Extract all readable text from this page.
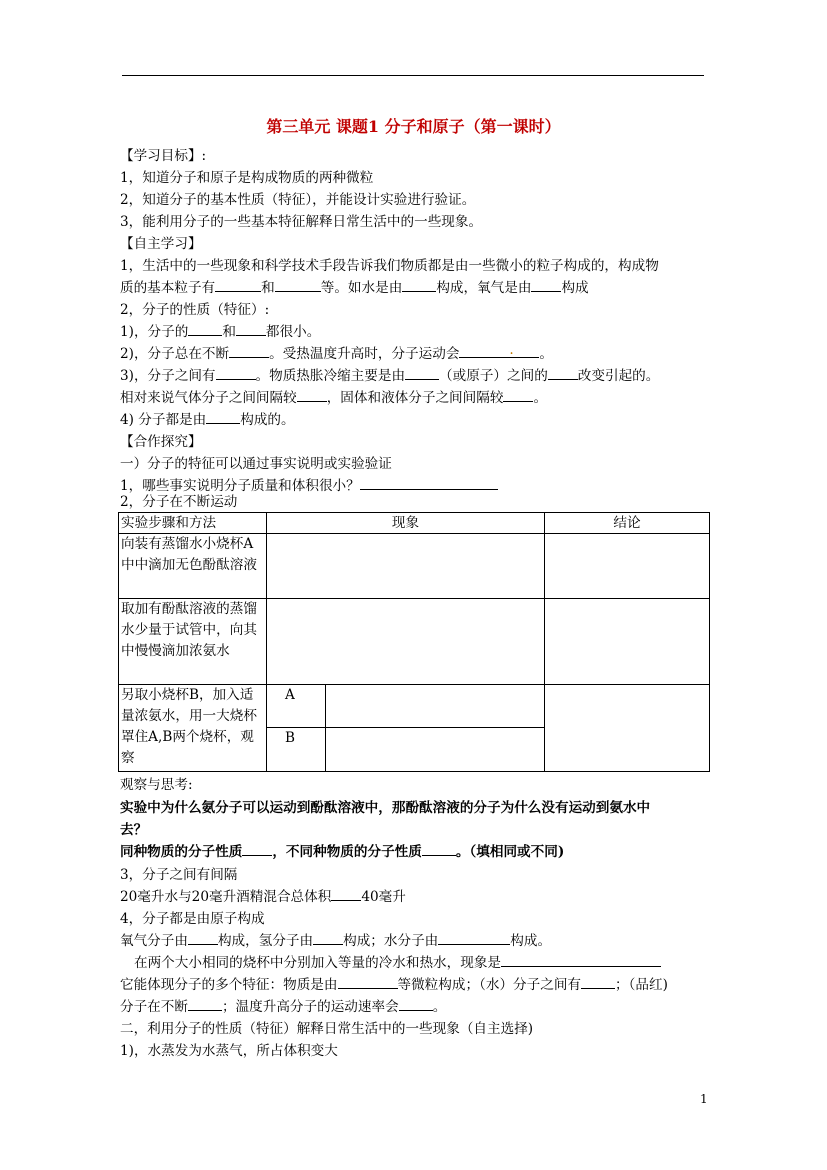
第三单元 课题1 分子和原子（第一课时）
【学习目标】:
1，知道分子和原子是构成物质的两种微粒
2，知道分子的基本性质（特征），并能设计实验进行验证。
3，能利用分子的一些基本特征解释日常生活中的一些现象。
【自主学习】
1，生活中的一些现象和科学技术手段告诉我们物质都是由一些微小的粒子构成的，构成物
质的基本粒子有	和	等。如水是由	构成，氧气是由 构成
2，分子的性质（特征）:
1)，分子的	和 都很小。
2)，分子总在不断	。受热温度升高时，分子运动会	. 。
3)，分子之间有	。物质热胀冷缩主要是由	（或原子）之间的 改变引起的。
相对来说气体分子之间间隔较 ，固体和液体分子之间间隔较 。
4) 分子都是由	构成的。
【合作探究】
一）分子的特征可以通过事实说明或实验验证
1，哪些事实说明分子质量和体积很小？
2，分子在不断运动
实验步骤和方法	现象		结论
向装有蒸馏水小烧杯A中中滴加无色酚酞溶液			
取加有酚酞溶液的蒸馏水少量于试管中，向其中慢慢滴加浓氨水			
另取小烧杯B，加入适量浓氨水，用一大烧杯罩住A,B两个烧杯，观察	A		
	B		
观察与思考:
实验中为什么氨分子可以运动到酚酞溶液中，那酚酞溶液的分子为什么没有运动到氨水中
去？
同种物质的分子性质 ，不同种物质的分子性质	。（填相同或不同)
3，分子之间有间隔
20毫升水与20毫升酒精混合总体积 40毫升
4，分子都是由原子构成
氧气分子由 构成，氢分子由 构成；水分子由	构成。
在两个大小相同的烧杯中分别加入等量的冷水和热水，现象是
它能体现分子的多个特征：物质是由	等微粒构成；（水）分子之间有	；（品红)
分子在不断	；温度升高分子的运动速率会	。
二，利用分子的性质（特征）解释日常生活中的一些现象（自主选择)
1)，水蒸发为水蒸气，所占体积变大
1
